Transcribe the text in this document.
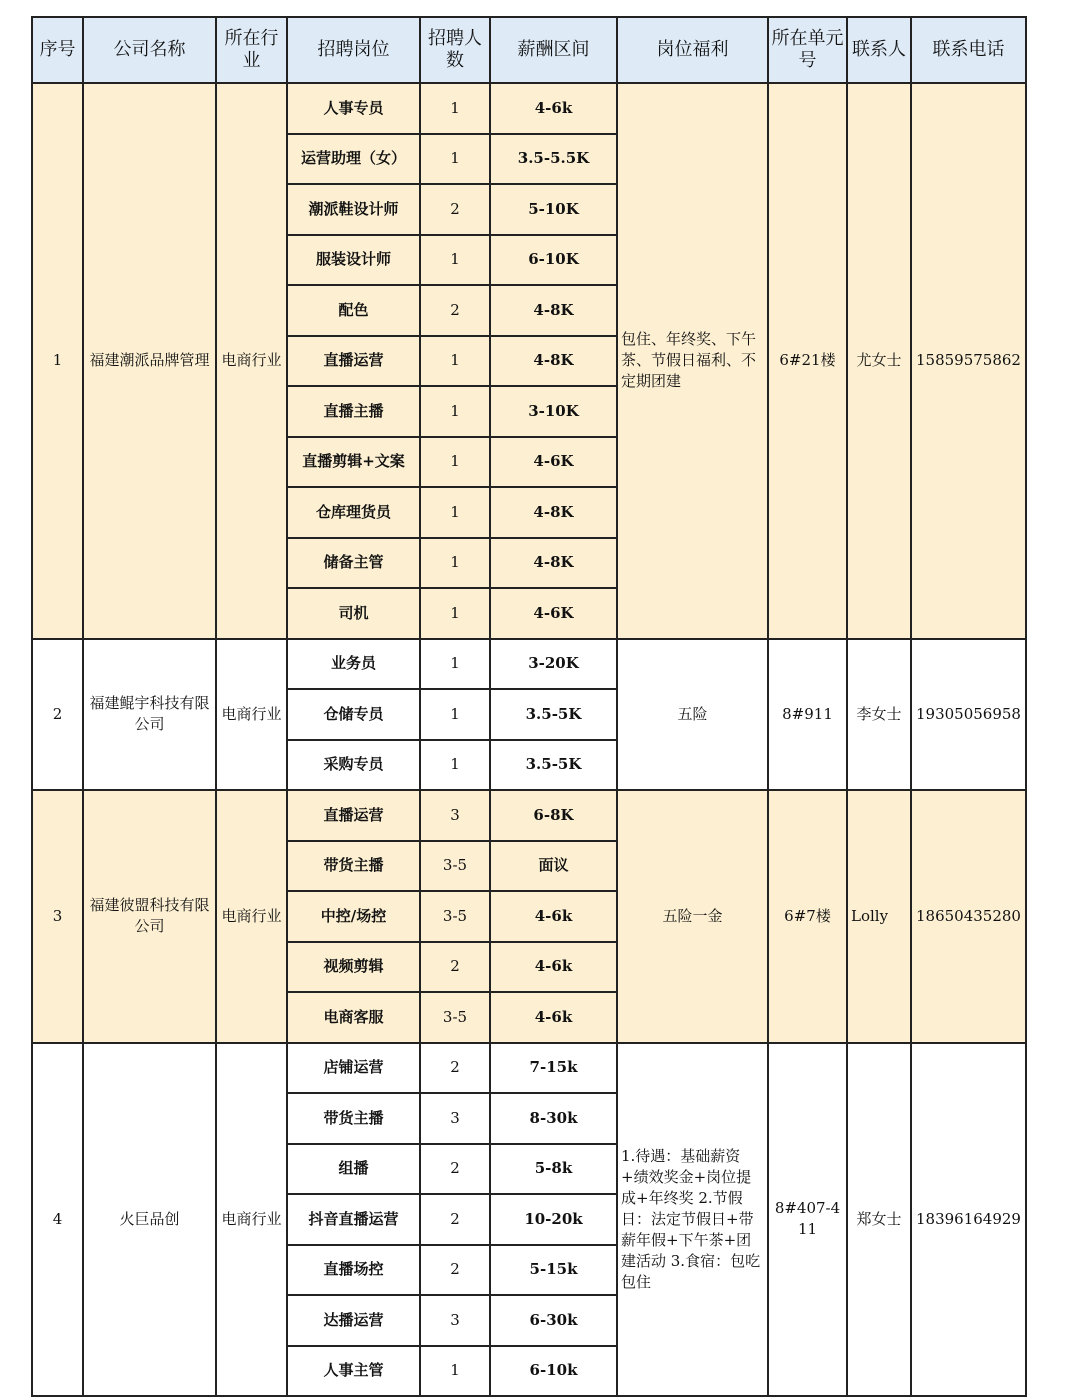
序号	公司名称	所在行业	招聘岗位	招聘人数	薪酬区间	岗位福利	所在单元号	联系人	联系电话
1	福建潮派品牌管理	电商行业	人事专员	1	4-6k	包住、年终奖、下午茶、节假日福利、不定期团建	6#21楼	尤女士	15859575862
			运营助理（女）	1	3.5-5.5K				
			潮派鞋设计师	2	5-10K				
			服装设计师	1	6-10K				
			配色	2	4-8K				
			直播运营	1	4-8K				
			直播主播	1	3-10K				
			直播剪辑+文案	1	4-6K				
			仓库理货员	1	4-8K				
			储备主管	1	4-8K				
			司机	1	4-6K				
2	福建鲲宇科技有限公司	电商行业	业务员	1	3-20K	五险	8#911	李女士	19305056958
			仓储专员	1	3.5-5K				
			采购专员	1	3.5-5K				
3	福建彼盟科技有限公司	电商行业	直播运营	3	6-8K	五险一金	6#7楼	Lolly	18650435280
			带货主播	3-5	面议				
			中控/场控	3-5	4-6k				
			视频剪辑	2	4-6k				
			电商客服	3-5	4-6k				
4	火巨品创	电商行业	店铺运营	2	7-15k	1.待遇：基础薪资+绩效奖金+岗位提成+年终奖 2.节假日：法定节假日+带薪年假+下午茶+团建活动 3.食宿：包吃包住	8#407-411	郑女士	18396164929
			带货主播	3	8-30k				
			组播	2	5-8k				
			抖音直播运营	2	10-20k				
			直播场控	2	5-15k				
			达播运营	3	6-30k				
			人事主管	1	6-10k				
